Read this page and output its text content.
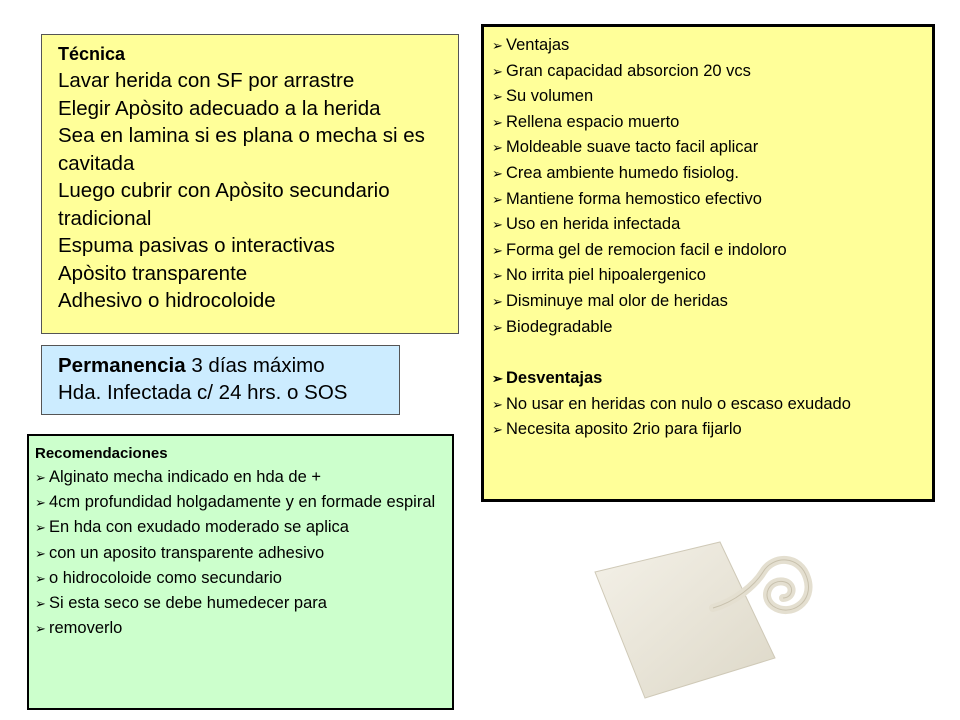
Técnica
Lavar herida con SF por arrastre
Elegir Apòsito adecuado a la herida
Sea en lamina si es plana o mecha si es cavitada
Luego cubrir con Apòsito secundario tradicional
Espuma pasivas o interactivas
Apòsito transparente
Adhesivo o hidrocoloide
Permanencia 3 días máximo
Hda. Infectada c/ 24 hrs. o SOS
Recomendaciones
➢ Alginato mecha indicado en hda de +
➢ 4cm profundidad holgadamente y en formade espiral
➢ En hda con exudado moderado se aplica
➢ con un aposito transparente adhesivo
➢ o hidrocoloide como secundario
➢ Si esta seco se debe humedecer para
➢ removerlo
➢ Ventajas
➢ Gran capacidad absorcion 20 vcs
➢ Su volumen
➢ Rellena espacio muerto
➢ Moldeable suave tacto facil aplicar
➢ Crea ambiente humedo fisiolog.
➢ Mantiene forma hemostico efectivo
➢ Uso en herida infectada
➢ Forma gel de remocion facil e indoloro
➢ No irrita piel hipoalergenico
➢ Disminuye mal olor de heridas
➢ Biodegradable
➢ Desventajas
➢ No usar en heridas con nulo o escaso exudado
➢ Necesita aposito 2rio para fijarlo
